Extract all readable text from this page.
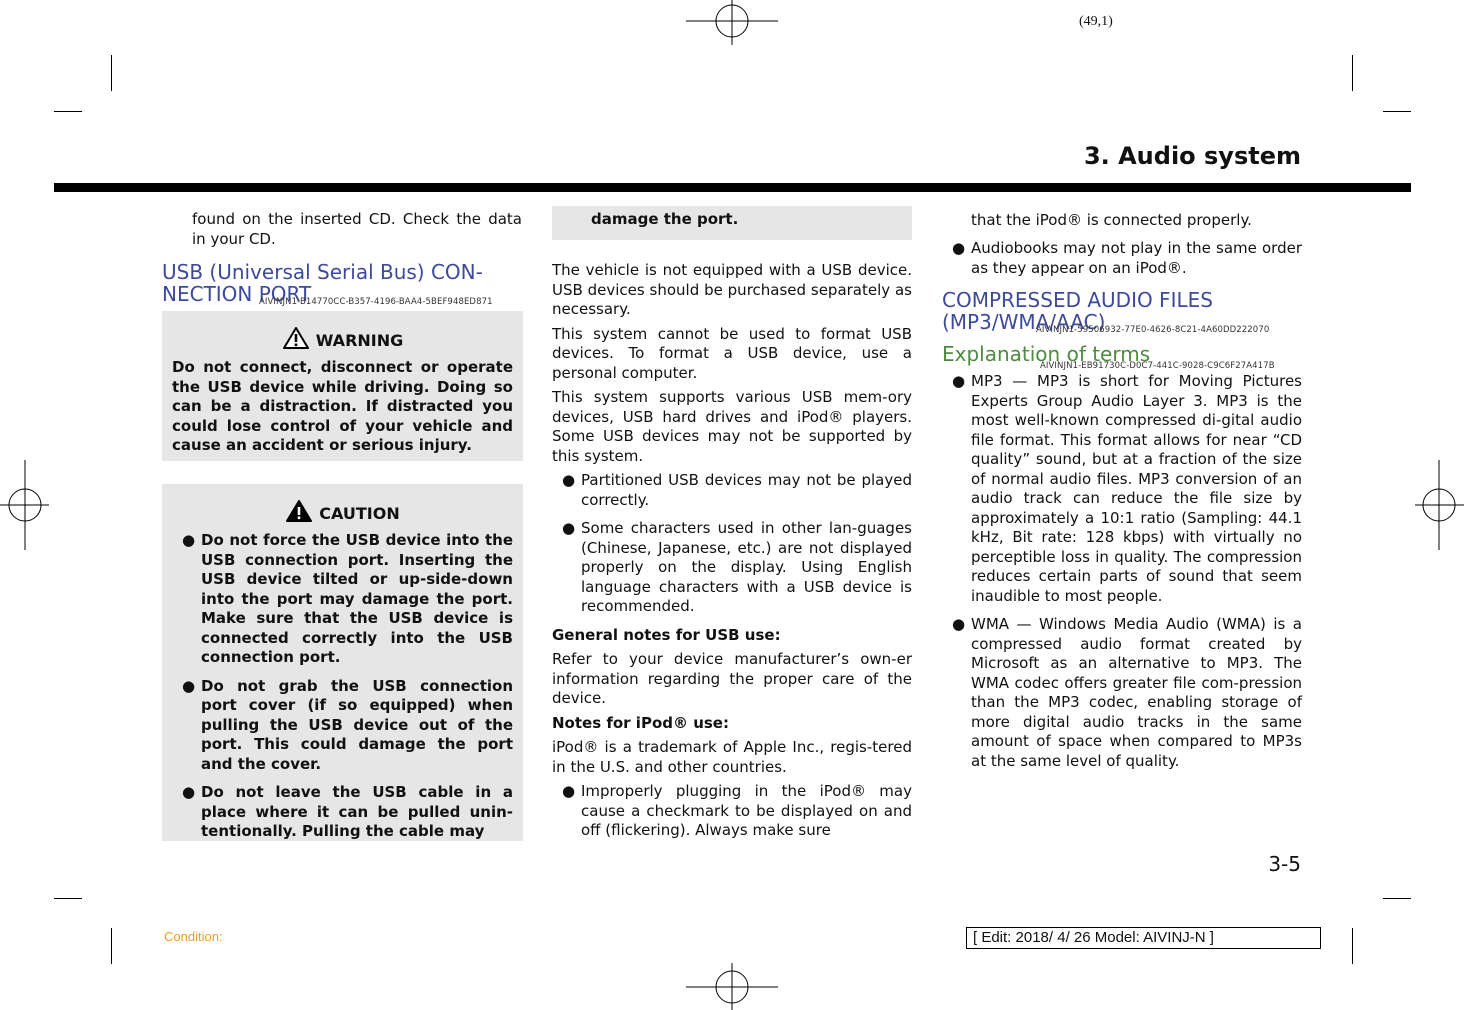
(49,1)
3. Audio system
found on the inserted CD. Check the data in your CD.
USB (Universal Serial Bus) CON-NECTION PORT
AIVINJN1-B14770CC-B357-4196-BAA4-5BEF948ED871
WARNING
Do not connect, disconnect or operate the USB device while driving. Doing so can be a distraction. If distracted you could lose control of your vehicle and cause an accident or serious injury.
CAUTION
● Do not force the USB device into the USB connection port. Inserting the USB device tilted or up-side-down into the port may damage the port. Make sure that the USB device is connected correctly into the USB connection port.
● Do not grab the USB connection port cover (if so equipped) when pulling the USB device out of the port. This could damage the port and the cover.
● Do not leave the USB cable in a place where it can be pulled unin-tentionally. Pulling the cable may
damage the port.

The vehicle is not equipped with a USB device. USB devices should be purchased separately as necessary.

This system cannot be used to format USB devices. To format a USB device, use a personal computer.

This system supports various USB mem-ory devices, USB hard drives and iPod® players. Some USB devices may not be supported by this system.

● Partitioned USB devices may not be played correctly.
● Some characters used in other lan-guages (Chinese, Japanese, etc.) are not displayed properly on the display. Using English language characters with a USB device is recommended.

General notes for USB use:

Refer to your device manufacturer’s own-er information regarding the proper care of the device.

Notes for iPod® use:

iPod® is a trademark of Apple Inc., regis-tered in the U.S. and other countries.

● Improperly plugging in the iPod® may cause a checkmark to be displayed on and off (flickering). Always make sure
that the iPod® is connected properly.
● Audiobooks may not play in the same order as they appear on an iPod®.
COMPRESSED AUDIO FILES (MP3/WMA/AAC)
AIVINJN1-59506932-77E0-4626-8C21-4A60DD222070
Explanation of terms
AIVINJN1-EB91730C-D0C7-441C-9028-C9C6F27A417B
● MP3 — MP3 is short for Moving Pictures Experts Group Audio Layer 3. MP3 is the most well-known compressed di-gital audio file format. This format allows for near “CD quality” sound, but at a fraction of the size of normal audio files. MP3 conversion of an audio track can reduce the file size by approximately a 10:1 ratio (Sampling: 44.1 kHz, Bit rate: 128 kbps) with virtually no perceptible loss in quality. The compression reduces certain parts of sound that seem inaudible to most people.
● WMA — Windows Media Audio (WMA) is a compressed audio format created by Microsoft as an alternative to MP3. The WMA codec offers greater file com-pression than the MP3 codec, enabling storage of more digital audio tracks in the same amount of space when compared to MP3s at the same level of quality.
3-5
Condition:	[ Edit: 2018/ 4/ 26 Model: AIVINJ-N ]
